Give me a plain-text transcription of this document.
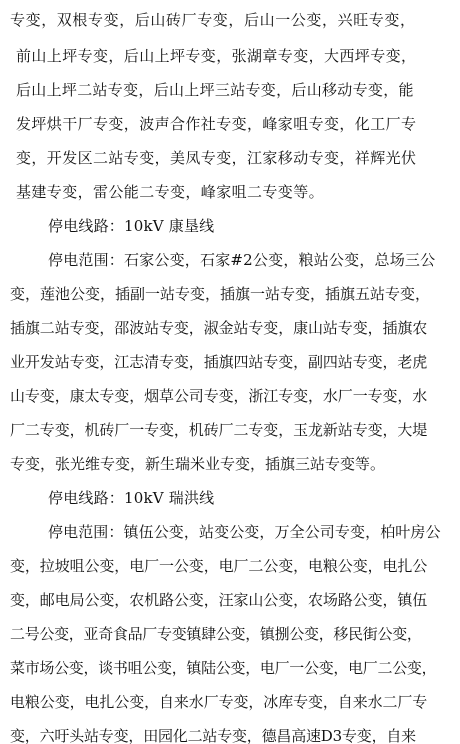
专变，双根专变，后山砖厂专变，后山一公变，兴旺专变，
前山上坪专变，后山上坪专变，张湖章专变，大西坪专变，
后山上坪二站专变，后山上坪三站专变，后山移动专变，能
发坪烘干厂专变，波声合作社专变，峰家咀专变，化工厂专
变，开发区二站专变，美凤专变，江家移动专变，祥辉光伏
基建专变，雷公能二专变，峰家咀二专变等。
停电线路：10kV 康垦线
停电范围：石家公变，石家#2公变，粮站公变，总场三公
变，莲池公变，插副一站专变，插旗一站专变，插旗五站专变，
插旗二站专变，邵波站专变，淑金站专变，康山站专变，插旗农
业开发站专变，江志清专变，插旗四站专变，副四站专变，老虎
山专变，康太专变，烟草公司专变，浙江专变，水厂一专变，水
厂二专变，机砖厂一专变，机砖厂二专变，玉龙新站专变，大堤
专变，张光维专变，新生瑞米业专变，插旗三站专变等。
停电线路：10kV 瑞洪线
停电范围：镇伍公变，站变公变，万全公司专变，柏叶房公
变，拉坡咀公变，电厂一公变，电厂二公变，电粮公变，电扎公
变，邮电局公变，农机路公变，汪家山公变，农场路公变，镇伍
二号公变，亚奇食品厂专变镇肆公变，镇捌公变，移民街公变，
菜市场公变，谈书咀公变，镇陆公变，电厂一公变，电厂二公变，
电粮公变，电扎公变，自来水厂专变，冰库专变，自来水二厂专
变，六吁头站专变，田园化二站专变，德昌高速D3专变，自来
